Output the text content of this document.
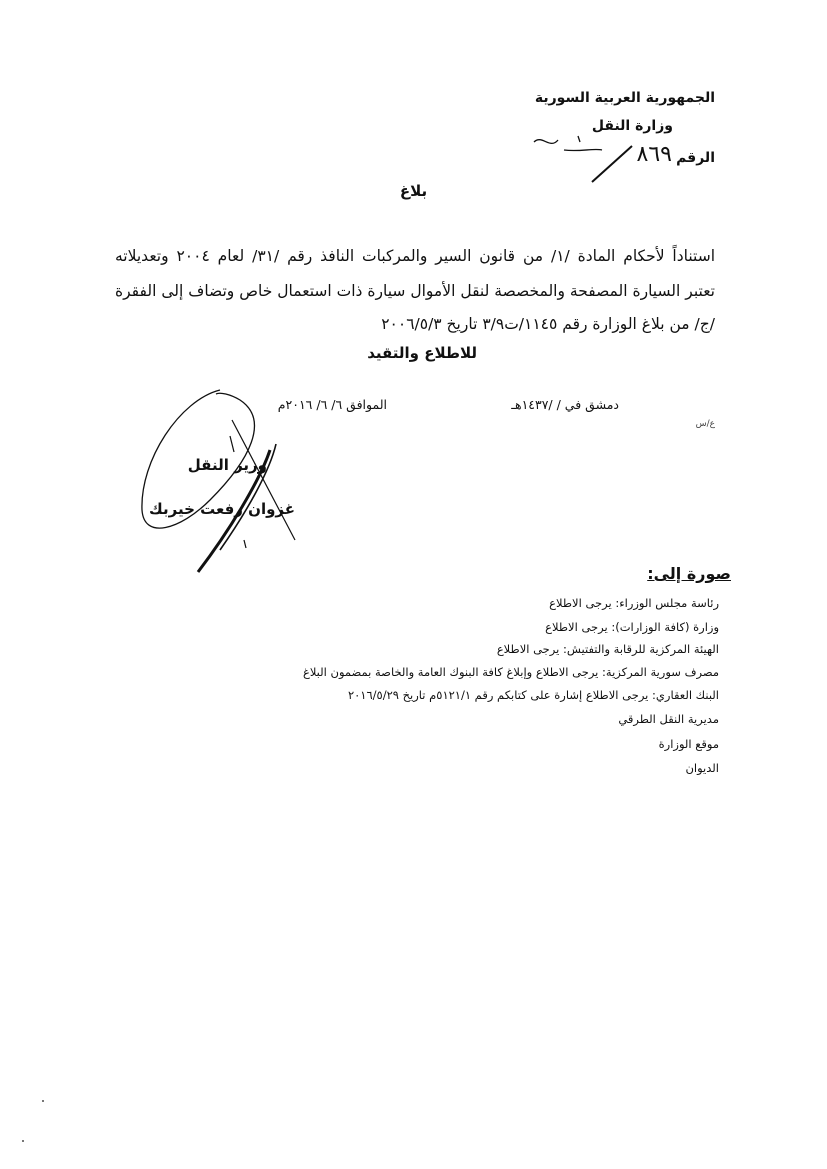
الجمهورية العربية السورية
وزارة النقل
الرقم
٨٦٩
بلاغ
استناداً لأحكام المادة /١/ من قانون السير والمركبات النافذ رقم /٣١/ لعام ٢٠٠٤ وتعديلاته
تعتبر السيارة المصفحة والمخصصة لنقل الأموال سيارة ذات استعمال خاص وتضاف إلى الفقرة
/ج/ من بلاغ الوزارة رقم ١١٤٥/ت٣/٩ تاريخ ٢٠٠٦/٥/٣
للاطلاع والتقيد
دمشق في / /١٤٣٧هـ
الموافق ٦/ ٦/ ٢٠١٦م
ع/س
وزير النقل
غزوان رفعت خيربك
صورة إلى:
رئاسة مجلس الوزراء: يرجى الاطلاع
وزارة (كافة الوزارات): يرجى الاطلاع
الهيئة المركزية للرقابة والتفتيش: يرجى الاطلاع
مصرف سورية المركزية: يرجى الاطلاع وإبلاغ كافة البنوك العامة والخاصة بمضمون البلاغ
البنك العقاري: يرجى الاطلاع إشارة على كتابكم رقم ٥١٢١/١م تاريخ ٢٠١٦/٥/٢٩
مديرية النقل الطرقي
موقع الوزارة
الديوان
